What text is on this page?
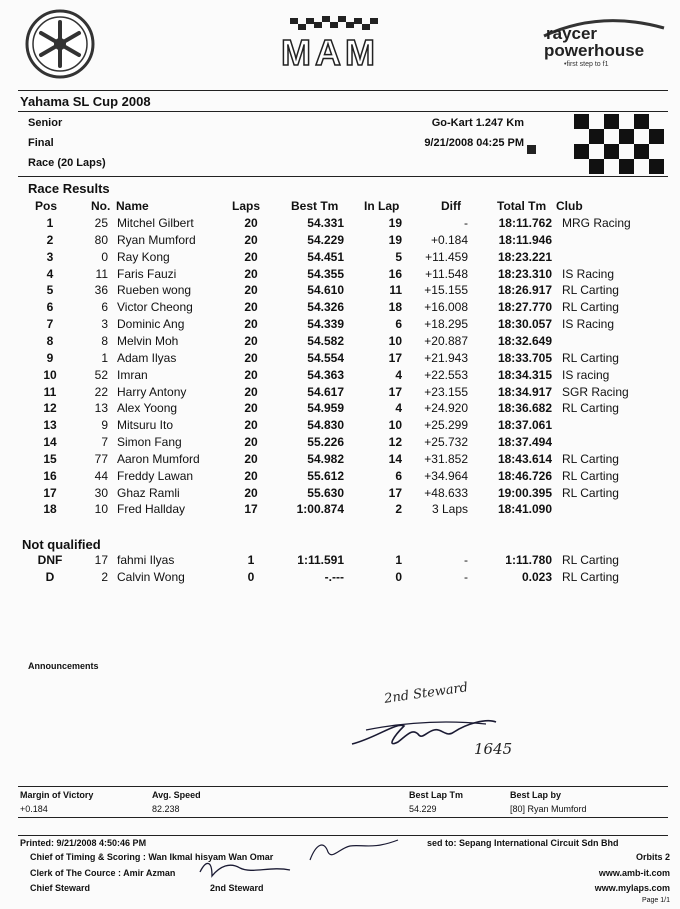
MAM	raycer
powerhouse
•first step to f1
Yahama SL Cup 2008
Senior
Final
Race (20 Laps)
Go-Kart 1.247 Km
9/21/2008 04:25 PM
Race Results
Pos	No. Name	Laps	Best Tm In Lap	Diff	Total Tm Club
1	25 Mitchel Gilbert	20	54.331	19	-	18:11.762 MRG Racing
2	80 Ryan Mumford	20	54.229	19	+0.184	18:11.946
3	0 Ray Kong	20	54.451	5	+11.459	18:23.221
4	11 Faris Fauzi	20	54.355	16	+11.548	18:23.310 IS Racing
5	36 Rueben wong	20	54.610	11	+15.155	18:26.917 RL Carting
6	6 Victor Cheong	20	54.326	18	+16.008	18:27.770 RL Carting
7	3 Dominic Ang	20	54.339	6	+18.295	18:30.057 IS Racing
8	8 Melvin Moh	20	54.582	10	+20.887	18:32.649
9	1 Adam Ilyas	20	54.554	17	+21.943	18:33.705 RL Carting
10	52 Imran	20	54.363	4	+22.553	18:34.315 IS racing
11	22 Harry Antony	20	54.617	17	+23.155	18:34.917 SGR Racing
12	13 Alex Yoong	20	54.959	4	+24.920	18:36.682 RL Carting
13	9 Mitsuru Ito	20	54.830	10	+25.299	18:37.061
14	7 Simon Fang	20	55.226	12	+25.732	18:37.494
15	77 Aaron Mumford	20	54.982	14	+31.852	18:43.614 RL Carting
16	44 Freddy Lawan	20	55.612	6	+34.964	18:46.726 RL Carting
17	30 Ghaz Ramli	20	55.630	17	+48.633	19:00.395 RL Carting
18	10 Fred Hallday	17	1:00.874	2	3 Laps	18:41.090
Not qualified
DNF	17 fahmi Ilyas	1	1:11.591	1	-	1:11.780 RL Carting
D	2 Calvin Wong	0	-.---	0	-	0.023 RL Carting
Announcements
2nd Steward
1645
Margin of Victory
+0.184
Avg. Speed
82.238
Best Lap Tm
54.229
Best Lap by
[80] Ryan Mumford
Printed: 9/21/2008 4:50:46 PM	sed to: Sepang International Circuit Sdn Bhd
Chief of Timing & Scoring : Wan Ikmal hisyam Wan Omar
Clerk of The Cource : Amir Azman
Chief Steward	2nd Steward
Orbits 2
www.amb-it.com
www.mylaps.com
Page 1/1
